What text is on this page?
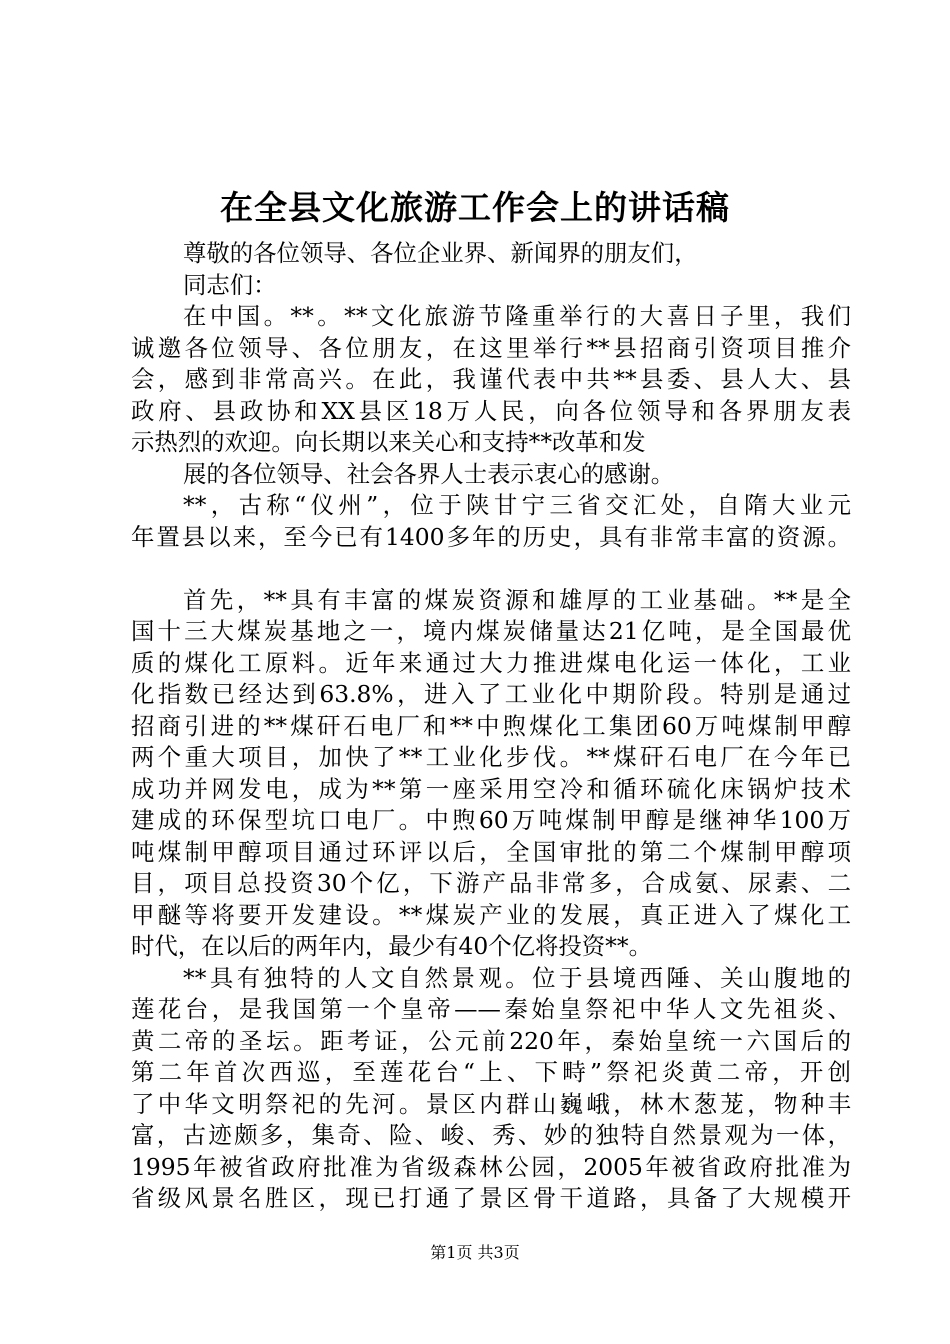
在全县文化旅游工作会上的讲话稿
尊敬的各位领导、各位企业界、新闻界的朋友们，
同志们：
在中国。**。**文化旅游节隆重举行的大喜日子里，我们
诚邀各位领导、各位朋友，在这里举行**县招商引资项目推介
会，感到非常高兴。在此，我谨代表中共**县委、县人大、县
政府、县政协和XX县区18万人民，向各位领导和各界朋友表
示热烈的欢迎。向长期以来关心和支持**改革和发
展的各位领导、社会各界人士表示衷心的感谢。
**，古称“仪州”，位于陕甘宁三省交汇处，自隋大业元
年置县以来，至今已有1400多年的历史，具有非常丰富的资源。
首先，**具有丰富的煤炭资源和雄厚的工业基础。**是全
国十三大煤炭基地之一，境内煤炭储量达21亿吨，是全国最优
质的煤化工原料。近年来通过大力推进煤电化运一体化，工业
化指数已经达到63.8%，进入了工业化中期阶段。特别是通过
招商引进的**煤矸石电厂和**中煦煤化工集团60万吨煤制甲醇
两个重大项目，加快了**工业化步伐。**煤矸石电厂在今年已
成功并网发电，成为**第一座采用空冷和循环硫化床锅炉技术
建成的环保型坑口电厂。中煦60万吨煤制甲醇是继神华100万
吨煤制甲醇项目通过环评以后，全国审批的第二个煤制甲醇项
目，项目总投资30个亿，下游产品非常多，合成氨、尿素、二
甲醚等将要开发建设。**煤炭产业的发展，真正进入了煤化工
时代，在以后的两年内，最少有40个亿将投资**。
**具有独特的人文自然景观。位于县境西陲、关山腹地的
莲花台，是我国第一个皇帝——秦始皇祭祀中华人文先祖炎、
黄二帝的圣坛。距考证，公元前220年，秦始皇统一六国后的
第二年首次西巡，至莲花台“上、下畤”祭祀炎黄二帝，开创
了中华文明祭祀的先河。景区内群山巍峨，林木葱茏，物种丰
富，古迹颇多，集奇、险、峻、秀、妙的独特自然景观为一体，
1995年被省政府批准为省级森林公园，2005年被省政府批准为
省级风景名胜区，现已打通了景区骨干道路，具备了大规模开
第1页 共3页
